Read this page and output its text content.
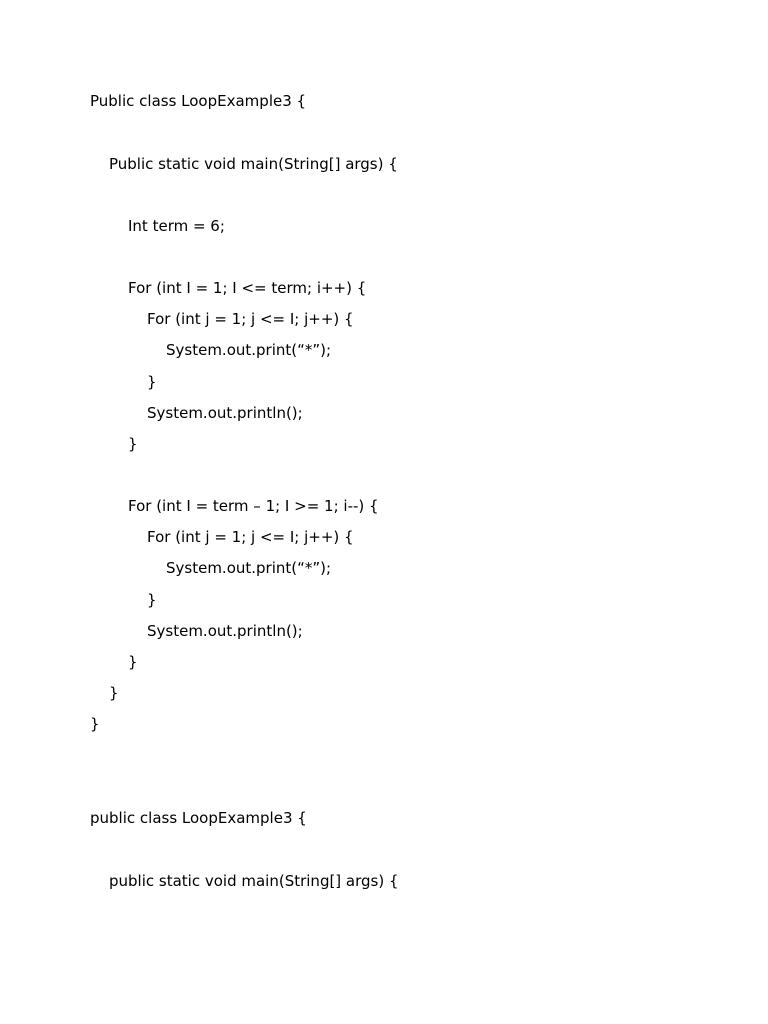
Public class LoopExample3 {
Public static void main(String[] args) {
Int term = 6;
For (int I = 1; I <= term; i++) {
For (int j = 1; j <= I; j++) {
System.out.print(“*”);
}
System.out.println();
}
For (int I = term – 1; I >= 1; i--) {
For (int j = 1; j <= I; j++) {
System.out.print(“*”);
}
System.out.println();
}
}
}
public class LoopExample3 {
public static void main(String[] args) {
